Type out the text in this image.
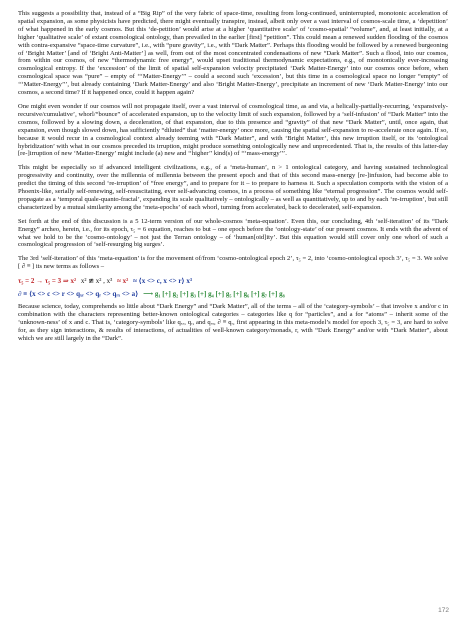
This suggests a possibility that, instead of a “Big Rip” of the very fabric of space-time, resulting from long-continued, uninterrupted, monotonic acceleration of spatial expansion, as some physicists have predicted, there might eventually transpire, instead, albeit only over a vast interval of cosmos-scale time, a ‘depetition’ of what happened in the early cosmos. But this ‘de-petition’ would arise at a higher ‘quantitative scale’ of ‘cosmo-spatial’ “volume”, and, at least initially, at a higher ‘qualitative scale’ of extant cosmological ontology, than prevailed in the earlier [first] “petition”. This could mean a renewed sudden flooding of the cosmos with contra-expansive “space-time curvature”, i.e., with “pure gravity”, i.e., with “Dark Matter”. Perhaps this flooding would be followed by a renewed burgeoning of ‘Bright Matter’ [and of ‘Bright Anti-Matter’] as well, from out of the most concentrated condensations of new “Dark Matter”. Such a flood, into our cosmos, from within our cosmos, of new “thermodynamic free energy”, would upset traditional thermodynamic expectations, e.g., of monotonically ever-increasing cosmological entropy. If the ‘excession’ of the limit of spatial self-expansion velocity precipitated ‘Dark Matter-Energy’ into our cosmos once before, when cosmological space was “pure” – empty of ‘‘‘Matter-Energy’’’ – could a second such ‘excession’, but this time in a cosmological space no longer “empty” of ‘‘‘Matter-Energy’’’, but already containing ‘Dark Matter-Energy’ and also ‘Bright Matter-Energy’, precipitate an increment of new ‘Dark Matter-Energy’ into our cosmos, a second time? If it happened once, could it happen again?

One might even wonder if our cosmos will not propagate itself, over a vast interval of cosmological time, as and via, a helically-partially-recurring, ‘expansively-recursive/cumulative’, whorl/“bounce” of accelerated expansion, up to the velocity limit of such expansion, followed by a ‘self-infusion’ of “Dark Matter” into the cosmos, followed by a slowing down, a deceleration, of that expansion, due to this presence and “gravity” of that new “Dark Matter”, until, once again, that expansion, even though slowed down, has sufficiently “diluted” that ‘matter-energy’ once more, causing the spatial self-expansion to re-accelerate once again. If so, because it would recur in a cosmological context already teeming with “Dark Matter”, and with ‘Bright Matter’, this new irruption itself, or its ‘ontological hybridization’ with what in our cosmos preceded its irruption, might produce something ontologically new and unprecedented. That is, the results of this latter-day [re-]irruption of new ‘Matter-Energy’ might include (a) new and ‘‘higher’’ kind(s) of ‘‘‘mass-energy’’’.

This might be especially so if advanced intelligent civilizations, e.g., of a ‘meta-human’, n > 1 ontological category, and having sustained technological progressivity and continuity, over the millennia of millennia between the present epoch and that of this second mass-energy [re-]infusion, had become able to predict the timing of this second ‘re-irruption’ of “free energy”, and to prepare for it – to prepare to harness it. Such a speculation comports with the vision of a Phoenix-like, serially self-renewing, self-resuscitating, ever self-advancing cosmos, in a process of something like “eternal progression”. The cosmos would self-propagate as a ‘temporal quale-quanto-fractal’, expanding its scale qualitatively – ontologically – as well as quantitatively, up to and by each ‘re-irruption’, but still characterized by a mutual similarity among the ‘meta-epochs’ of each whorl, turning from accelerated, back to decelerated, self-expansion.

Set forth at the end of this discussion is a 5 12-term version of our whole-cosmos ‘meta-equation’. Even this, our concluding, 4th ‘self-iteration’ of its “Dark Energy” archeo, herein, i.e., for its epoch, τ₅ = 6 equation, reaches to but – one epoch before the ‘ontology-state’ of our present cosmos. It ends with the advent of what we hold to be the ‘cosmo-ontology’ – not just the Terran ontology – of ‘human[oid]ity’. But this equation would still cover only one whorl of such a cosmological progression of ‘self-resurging big surges’.

The 3rd ‘self-iteration’ of this ‘meta-equation’ is for the movement of/from ‘cosmo-ontological epoch 2’, τ₅ = 2, into ‘cosmo-ontological epoch 3’, τ₅ = 3. We solve [ ∂ ≡ ] its new terms as follows –

τ₅ = 2 → τ₅ = 3 ⇒ x² x² ≇ x² , x³ ≈ x² ≈ ⟨x <> c, x <> r⟩ x³
∂ ≡ ⟨x <> c <> r <> qₓᵣ <> qᵣ <> qᵣₓ <> a⟩ ⟶ g₁ [+] g₂ [+] g₃ [+] g₄ [+] g₅ [+] g₆ [+] g₇ [+] g₈

Because science, today, comprehends so little about “Dark Energy” and “Dark Matter”, all of the terms – all of the ‘category-symbols’ – that involve x and/or c in combination with the characters representing better-known ontological categories – categories like q for “particles”, and a for “atoms” – inherit some of the ‘unknown-ness’ of x and c. That is, ‘category-symbols’ like qₓᵣ, qᵣ, and qᵣₓ, ∂ ≡ qᵣ, first appearing in this meta-model’s model for epoch 3, τ₅ = 3, are hard to solve for, as they sign interactions, & results of interactions, of actualities of well-known category/monads, r, with “Dark Energy” and/or with “Dark Matter”, about which we are still largely in the “Dark”.

172
